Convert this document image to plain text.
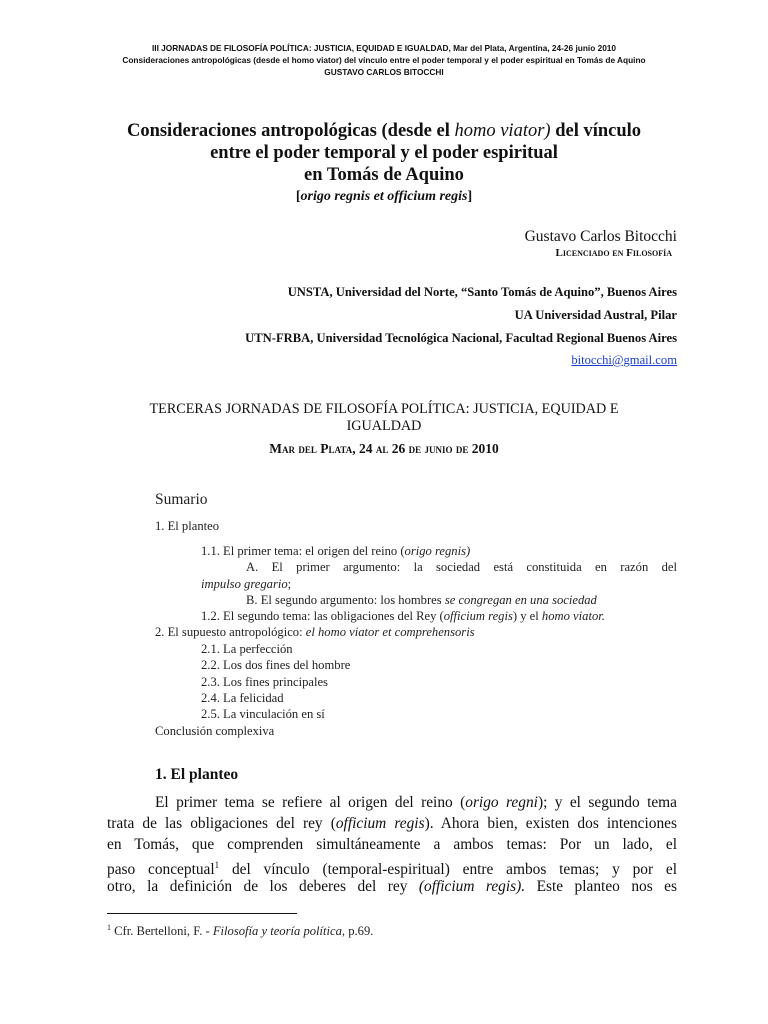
III JORNADAS DE FILOSOFÍA POLÍTICA: JUSTICIA, EQUIDAD E IGUALDAD, Mar del Plata, Argentina, 24-26 junio 2010
Consideraciones antropológicas (desde el homo viator) del vínculo entre el poder temporal y el poder espiritual en Tomás de Aquino
GUSTAVO CARLOS BITOCCHI
Consideraciones antropológicas (desde el homo viator) del vínculo
entre el poder temporal y el poder espiritual
en Tomás de Aquino
[origo regnis et officium regis]
Gustavo Carlos Bitocchi
Licenciado en Filosofía
UNSTA, Universidad del Norte, “Santo Tomás de Aquino”, Buenos Aires
UA Universidad Austral, Pilar
UTN-FRBA, Universidad Tecnológica Nacional, Facultad Regional Buenos Aires
bitocchi@gmail.com
TERCERAS JORNADAS DE FILOSOFÍA POLÍTICA: JUSTICIA, EQUIDAD E
IGUALDAD
Mar del Plata, 24 al 26 de junio de 2010
Sumario
1. El planteo
1.1. El primer tema: el origen del reino (origo regnis)
A. El primer argumento: la sociedad está constituida en razón del
impulso gregario;
B. El segundo argumento: los hombres se congregan en una sociedad
1.2. El segundo tema: las obligaciones del Rey (officium regis) y el homo viator.
2. El supuesto antropológico: el homo viator et comprehensoris
2.1. La perfección
2.2. Los dos fines del hombre
2.3. Los fines principales
2.4. La felicidad
2.5. La vinculación en sí
Conclusión complexiva
1. El planteo
El primer tema se refiere al origen del reino (origo regni); y el segundo tema
trata de las obligaciones del rey (officium regis). Ahora bien, existen dos intenciones
en Tomás, que comprenden simultáneamente a ambos temas: Por un lado, el
paso conceptual$^1$ del vínculo (temporal-espiritual) entre ambos temas; y por el
otro, la definición de los deberes del rey (officium regis). Este planteo nos es
$^1$ Cfr. Bertelloni, F. - Filosofía y teoría política, p.69.
